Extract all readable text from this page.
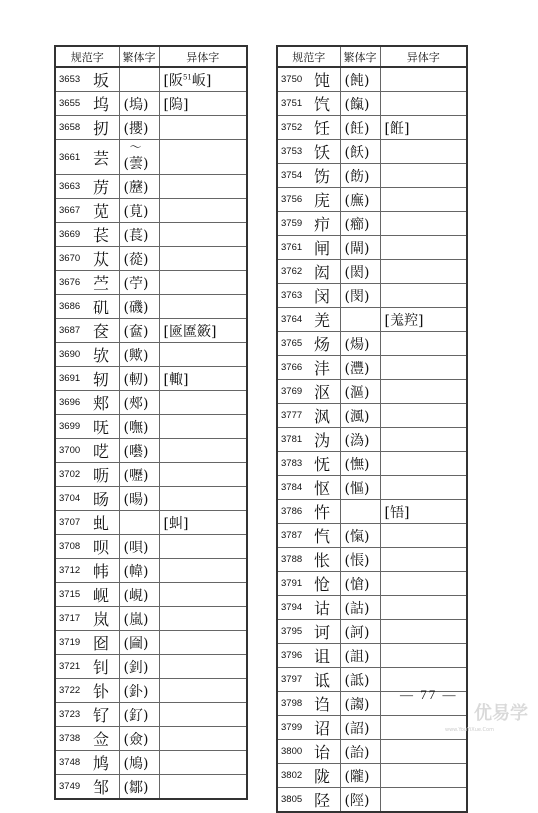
规范字		繁体字	异体字
3653	坂		[阪$^{51}$岅]
3655	坞	(塢)	[隖]
3658	扨	(攖)	
3661	芸	～
(蕓)	
3663	苈	(藶)	
3667	苋	(莧)	
3669	苌	(萇)	
3670	苁	(蓯)	
3676	苎	(苧)	
3686	矶	(磯)	
3687	奁	(奩)	[匳匲籢]
3690	欤	(歟)	
3691	轫	(軔)	[輙]
3696	郏	(郟)	
3699	呒	(嘸)	
3700	呓	(囈)	
3702	呖	(嚦)	
3704	旸	(暘)	
3707	虬		[虯]
3708	呗	(唄)	
3712	帏	(幃)	
3715	岘	(峴)	
3717	岚	(嵐)	
3719	囵	(圇)	
3721	钊	(釗)	
3722	钋	(釙)	
3723	钌	(釕)	
3738	佥	(僉)	
3748	鸠	(鳩)	
3749	邹	(鄒)	
规范字		繁体字	异体字
3750	饨	(飩)	
3751	饩	(餼)	
3752	饪	(飪)	[餁]
3753	饫	(飫)	
3754	饬	(飭)	
3756	庑	(廡)	
3759	疖	(癤)	
3761	闸	(閘)	
3762	闳	(閎)	
3763	闵	(閔)	
3764	羌		[羗羫]
3765	炀	(煬)	
3766	沣	(灃)	
3769	沤	(漚)	
3777	沨	(渢)	
3781	沩	(溈)	
3783	怃	(憮)	
3784	怄	(慪)	
3786	忤		[啎]
3787	忾	(愾)	
3788	怅	(悵)	
3791	怆	(愴)	
3794	诂	(詁)	
3795	诃	(訶)	
3796	诅	(詛)	
3797	诋	(詆)	
3798	诌	(謅)	
3799	诏	(詔)	
3800	诒	(詒)	
3802	陇	(隴)	
3805	陉	(陘)	
— 77 —
优易学
www.YouYiXue.Com
